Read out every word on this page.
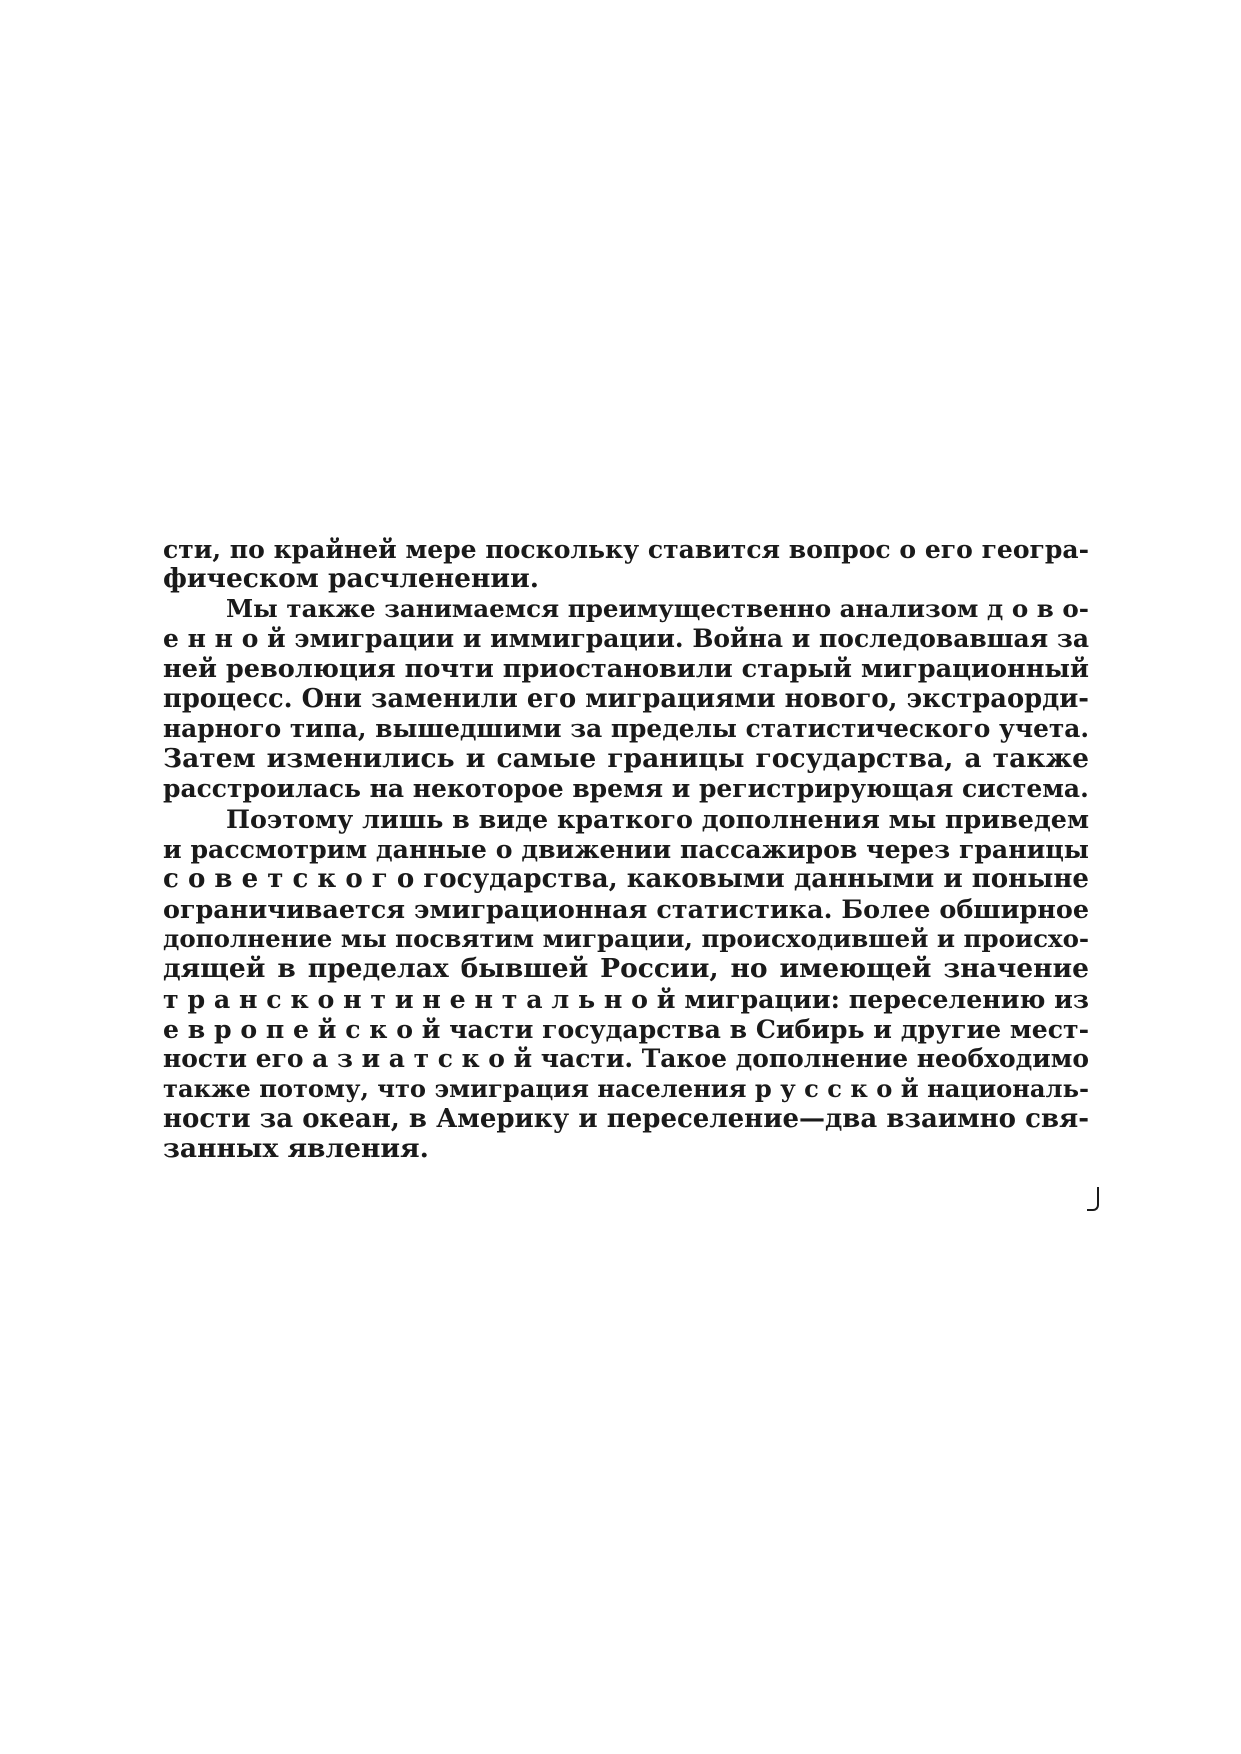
сти, по крайней мере поскольку ставится вопрос о его геогра-
фическом расчленении.
Мы также занимаемся преимущественно анализом д о в о-
е н н о й эмиграции и иммиграции. Война и последовавшая за
ней революция почти приостановили старый миграционный
процесс. Они заменили его миграциями нового, экстраорди-
нарного типа, вышедшими за пределы статистического учета.
Затем изменились и самые границы государства, а также
расстроилась на некоторое время и регистрирующая система.
Поэтому лишь в виде краткого дополнения мы приведем
и рассмотрим данные о движении пассажиров через границы
с о в е т с к о г о государства, каковыми данными и поныне
ограничивается эмиграционная статистика. Более обширное
дополнение мы посвятим миграции, происходившей и происхо-
дящей в пределах бывшей России, но имеющей значение
т р а н с к о н т и н е н т а л ь н о й миграции: переселению из
е в р о п е й с к о й части государства в Сибирь и другие мест-
ности его а з и а т с к о й части. Такое дополнение необходимо
также потому, что эмиграция населения р у с с к о й националь-
ности за океан, в Америку и переселение—два взаимно свя-
занных явления.
